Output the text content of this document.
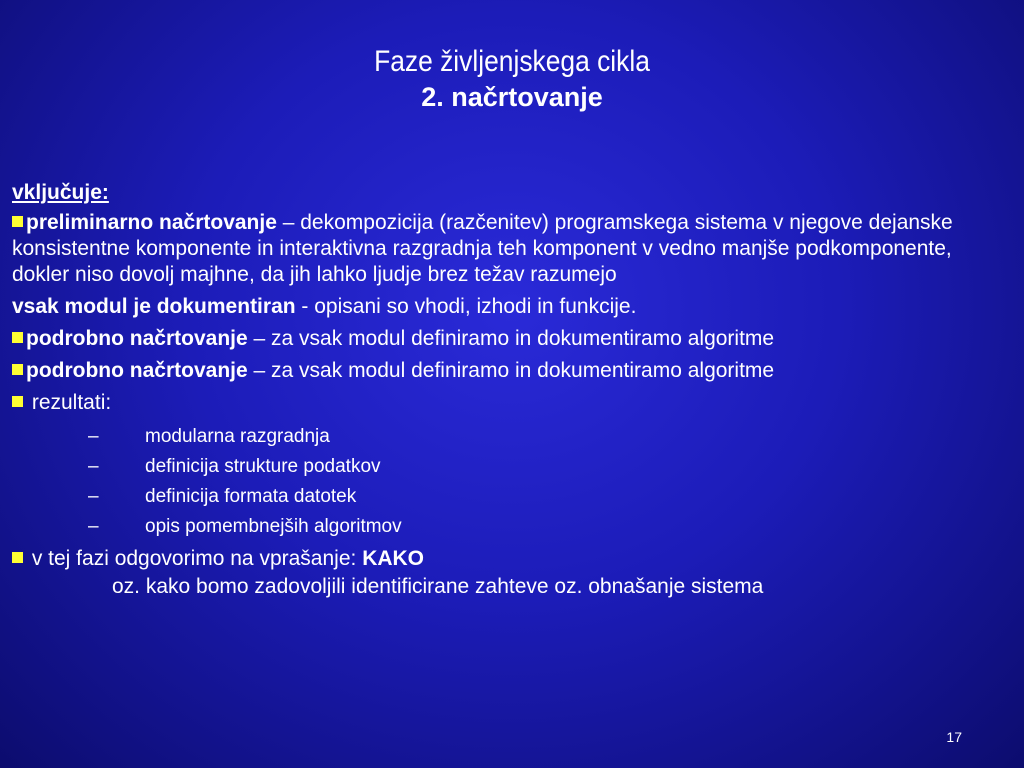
Faze življenjskega cikla
2. načrtovanje
vključuje:
preliminarno načrtovanje – dekompozicija (razčenitev) programskega sistema v njegove dejanske konsistentne komponente in interaktivna razgradnja teh komponent v vedno manjše podkomponente, dokler niso dovolj majhne, da jih lahko ljudje brez težav razumejo
vsak modul je dokumentiran - opisani so vhodi, izhodi in funkcije.
podrobno načrtovanje – za vsak modul definiramo in dokumentiramo algoritme
podrobno načrtovanje – za vsak modul definiramo in dokumentiramo algoritme
rezultati:
– modularna razgradnja
– definicija strukture podatkov
– definicija formata datotek
– opis pomembnejših algoritmov
v tej fazi odgovorimo na vprašanje: KAKO
oz. kako bomo zadovoljili identificirane zahteve oz. obnašanje sistema
17
